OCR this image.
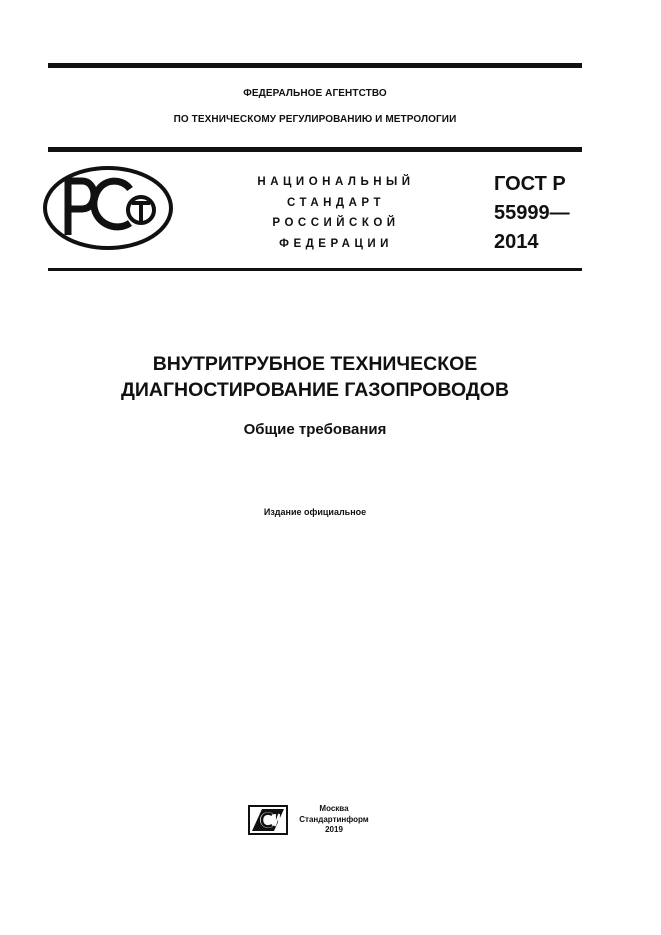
ФЕДЕРАЛЬНОЕ АГЕНТСТВО
ПО ТЕХНИЧЕСКОМУ РЕГУЛИРОВАНИЮ И МЕТРОЛОГИИ
НАЦИОНАЛЬНЫЙ
СТАНДАРТ
РОССИЙСКОЙ
ФЕДЕРАЦИИ
ГОСТ Р
55999—
2014
ВНУТРИТРУБНОЕ ТЕХНИЧЕСКОЕ
ДИАГНОСТИРОВАНИЕ ГАЗОПРОВОДОВ
Общие требования
Издание официальное
Москва
Стандартинформ
2019
